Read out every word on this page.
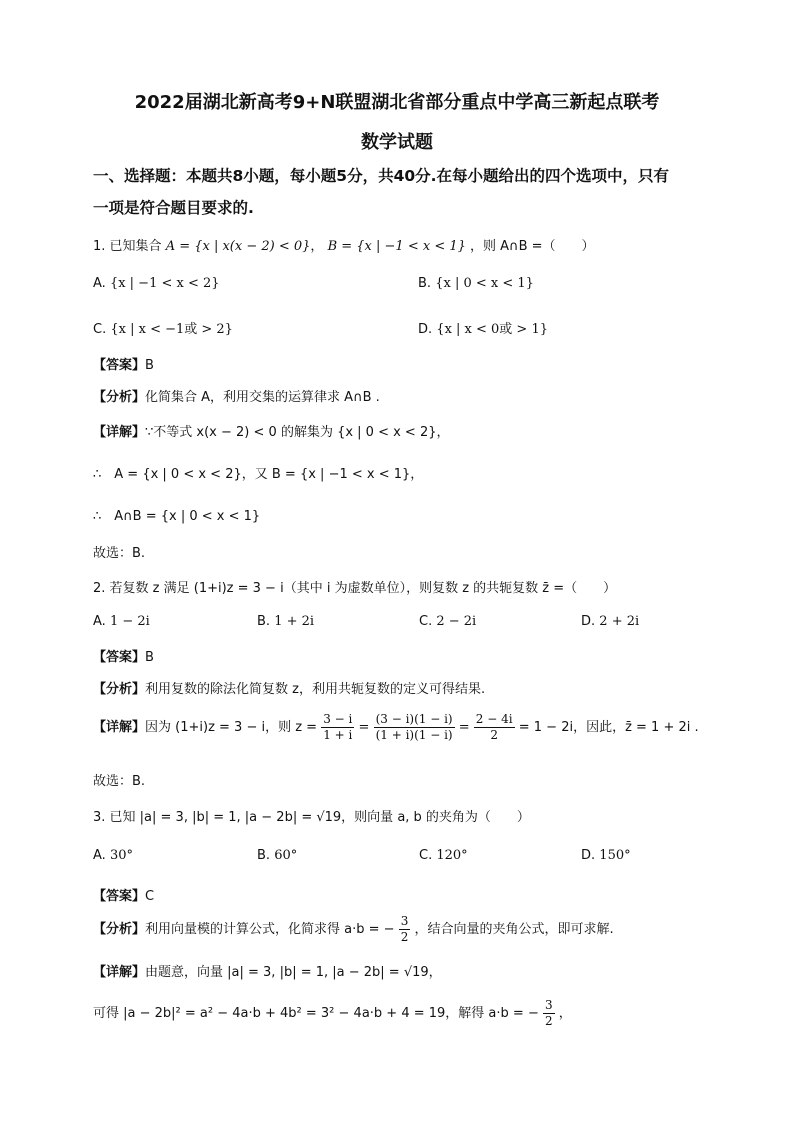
2022届湖北新高考9+N联盟湖北省部分重点中学高三新起点联考
数学试题
一、选择题：本题共8小题，每小题5分，共40分.在每小题给出的四个选项中，只有
一项是符合题目要求的.
1. 已知集合 A = {x | x(x − 2) < 0}， B = {x | −1 < x < 1} ，则 A∩B =（　　）
A. {x | −1 < x < 2}	B. {x | 0 < x < 1}
C. {x | x < −1或 > 2}	D. {x | x < 0或 > 1}
【答案】B
【分析】化简集合 A，利用交集的运算律求 A∩B .
【详解】∵不等式 x(x − 2) < 0 的解集为 {x | 0 < x < 2}，
∴　A = {x | 0 < x < 2}，又 B = {x | −1 < x < 1}，
∴　A∩B = {x | 0 < x < 1}
故选：B.
2. 若复数 z 满足 (1+i)z = 3 − i（其中 i 为虚数单位），则复数 z 的共轭复数 z̄ =（　　）
A. 1 − 2i	B. 1 + 2i	C. 2 − 2i	D. 2 + 2i
【答案】B
【分析】利用复数的除法化简复数 z，利用共轭复数的定义可得结果.
【详解】因为 (1+i)z = 3 − i，则 $z = \frac{3 - i}{1 + i} = \frac{(3 - i)(1 - i)}{(1 + i)(1 - i)} = \frac{2 - 4i}{2} = 1 - 2i$，因此，z̄ = 1 + 2i .
故选：B.
3. 已知 |a| = 3, |b| = 1, |a − 2b| = √19，则向量 a, b 的夹角为（　　）
A. 30°	B. 60°	C. 120°	D. 150°
【答案】C
【分析】利用向量模的计算公式，化简求得 a·b = − $\frac{3}{2}$ ，结合向量的夹角公式，即可求解.
【详解】由题意，向量 |a| = 3, |b| = 1, |a − 2b| = √19，
可得 |a − 2b|² = a² − 4a·b + 4b² = 3² − 4a·b + 4 = 19，解得 a·b = − $\frac{3}{2}$ ，
